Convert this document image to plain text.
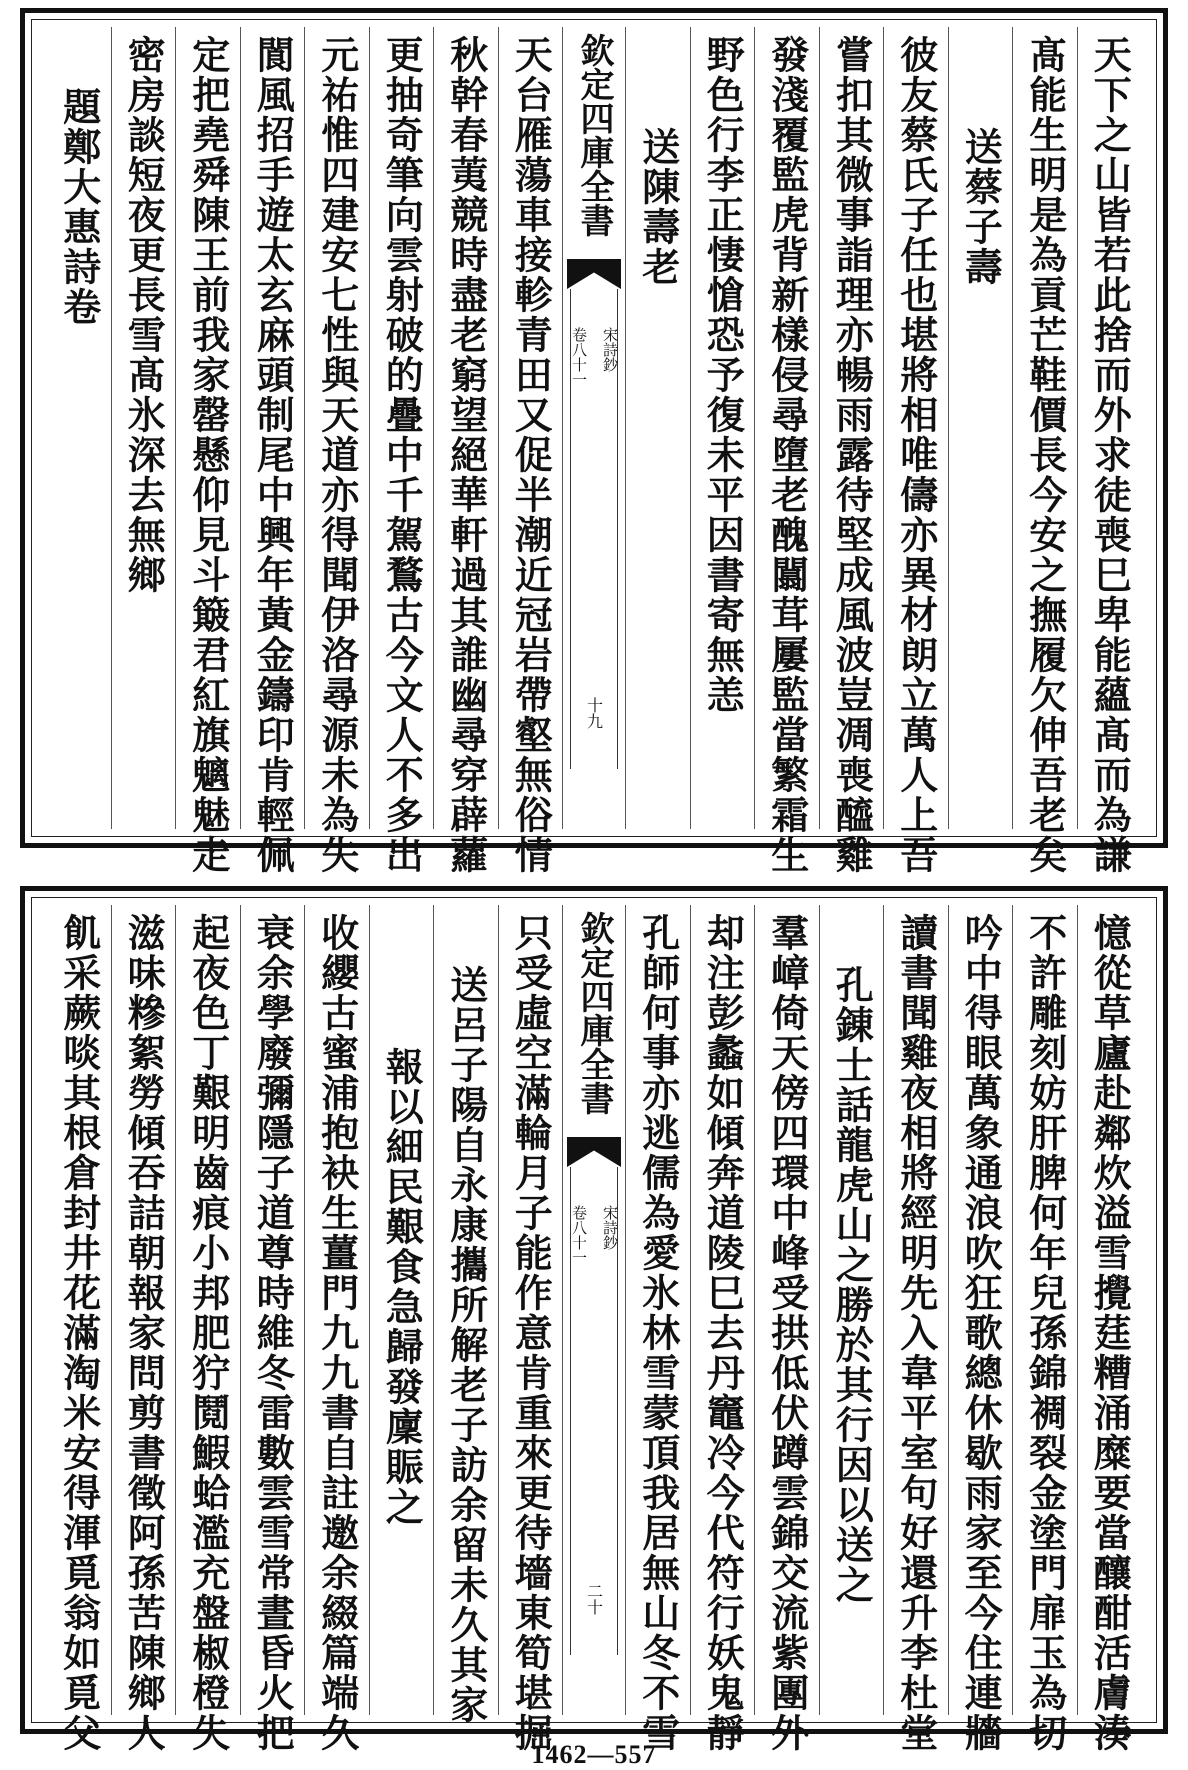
天下之山皆若此捨而外求徒喪巳卑能蘊髙而為謙
髙能生明是為貢芒鞋價長今安之撫履欠伸吾老矣
送蔡子壽
彼友蔡氏子任也堪將相唯儔亦異材朗立萬人上吾
嘗扣其微事詣理亦暢雨露待堅成風波豈凋喪醯雞
發淺覆監虎背新樣侵尋墮老醜闒茸屢監當繁霜生
野色行李正悽愴恐予復未平因書寄無恙
送陳壽老
欽定四庫全書
宋詩鈔
卷八十一
十九
天台雁蕩車接軫青田又促半潮近冠岩帶壑無俗情
秋幹春荑競時盡老窮望絕華軒過其誰幽尋穿薜蘿
更抽奇筆向雲射破的疊中千駕鶩古今文人不多出
元祐惟四建安七性與天道亦得聞伊洛尋源未為失
閬風招手遊太玄麻頭制尾中興年黃金鑄印肯輕佩
定把堯舜陳王前我家罄懸仰見斗簸君紅旗魑魅走
密房談短夜更長雪髙氷深去無鄉
題鄭大惠詩卷
憶從草廬赴鄰炊溢雪攪莛糟涌糜要當釀酣活膚湊
不許雕刻妨肝脾何年兒孫錦裯裂金塗門扉玉為切
吟中得眼萬象通浪吹狂歌總休歇雨家至今住連牆
讀書聞雞夜相將經明先入韋平室句好還升李杜堂
孔錬士話龍虎山之勝於其行因以送之
羣嶂倚天傍四環中峰受拱低伏蹲雲錦交流紫團外
却注彭蠡如傾奔道陵巳去丹竈冷今代符行妖鬼靜
孔師何事亦逃儒為愛氷林雪蒙頂我居無山冬不雪
欽定四庫全書
宋詩鈔
卷八十一
二十
只受虛空滿輪月子能作意肯重來更待墻東筍堪掘
送呂子陽自永康攜所解老子訪余留未久其家
報以細民艱食急歸發廩賑之
收纓古蜜浦抱袂生薑門九九書自註邀余綴篇端久
衰余學廢彌隱子道尊時維冬雷數雲雪常晝昏火把
起夜色丁艱明齒痕小邦肥狞鬩鰕蛤濫充盤椒橙失
滋味糝絮勞傾吞詰朝報家問剪書徵阿孫苦陳鄉人
飢采蕨啖其根倉封井花滿淘米安得渾覓翁如覓父
1462—557
